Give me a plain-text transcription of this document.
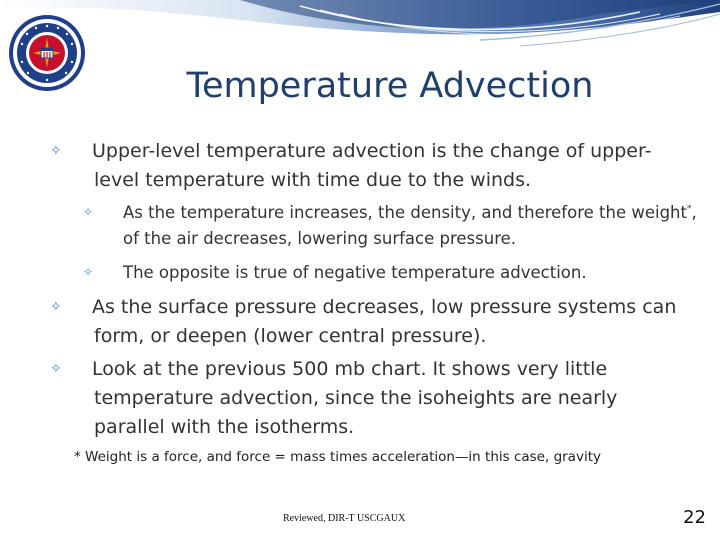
Temperature Advection
✧ Upper-level temperature advection is the change of upper-level temperature with time due to the winds.
✧ As the temperature increases, the density, and therefore the weight*, of the air decreases, lowering surface pressure.
✧ The opposite is true of negative temperature advection.
✧ As the surface pressure decreases, low pressure systems can form, or deepen (lower central pressure).
✧ Look at the previous 500 mb chart. It shows very little temperature advection, since the isoheights are nearly parallel with the isotherms.
* Weight is a force, and force = mass times acceleration—in this case, gravity
Reviewed, DIR-T USCGAUX	22
